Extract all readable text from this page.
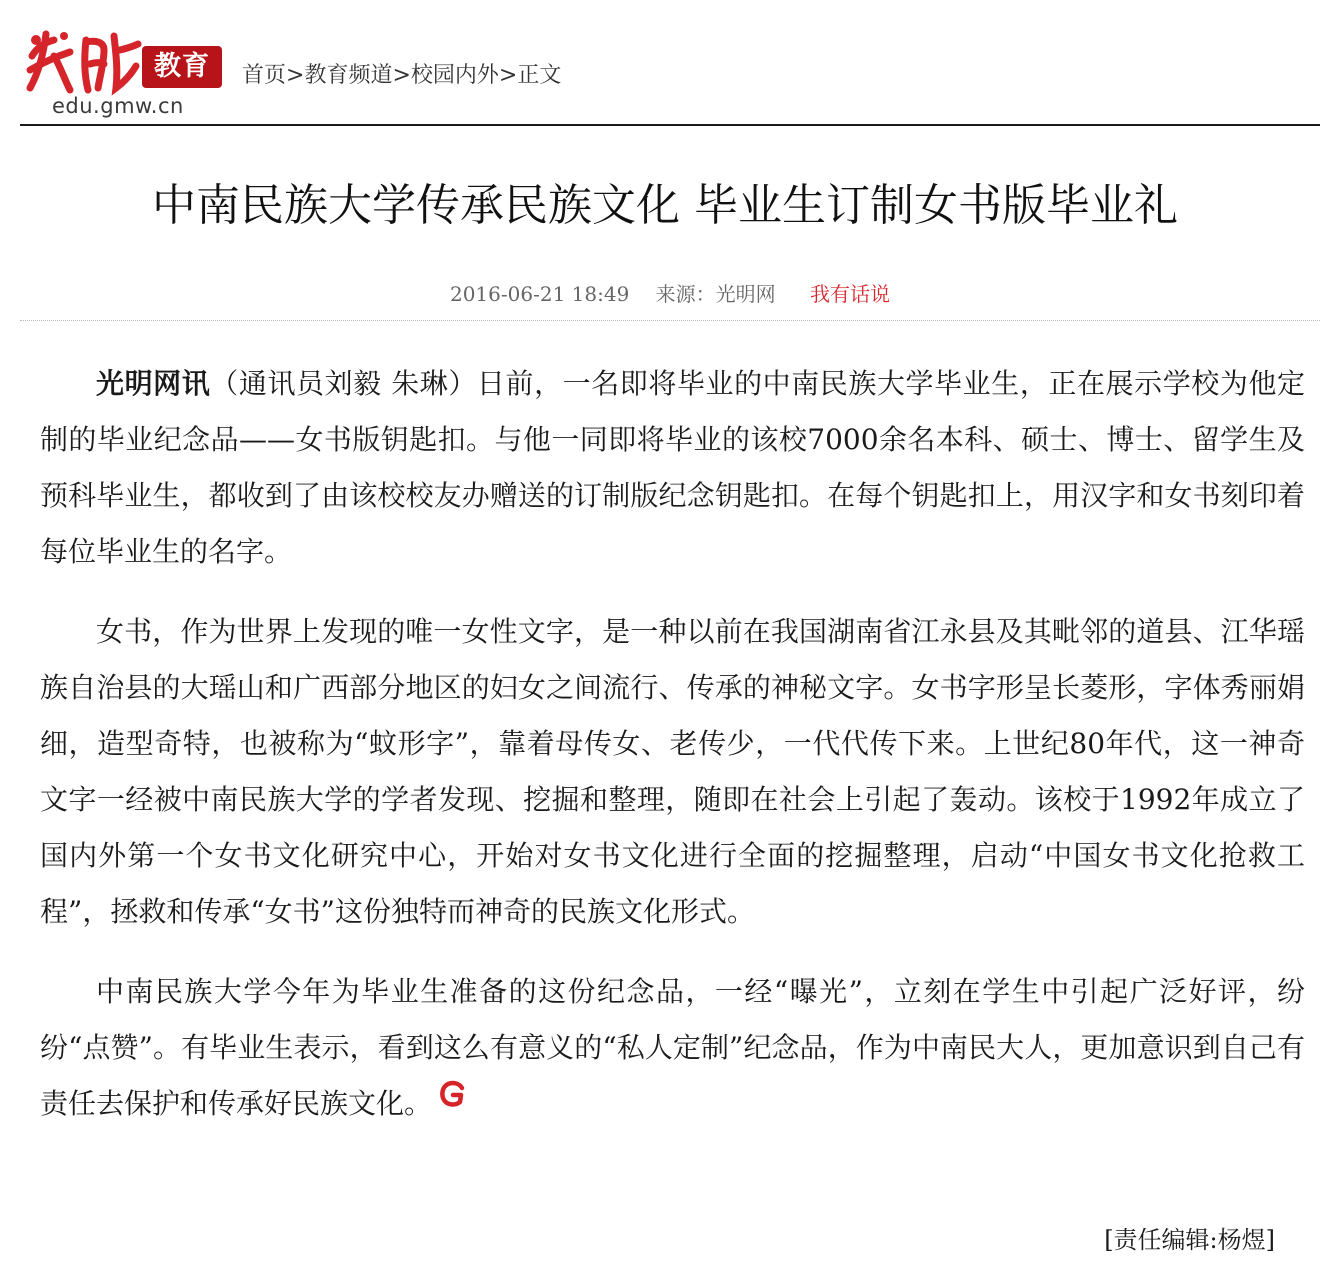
教育
edu.gmw.cn
首页>教育频道>校园内外>正文
中南民族大学传承民族文化 毕业生订制女书版毕业礼
2016-06-21 18:49 来源：光明网 我有话说

光明网讯（通讯员刘毅 朱琳）日前，一名即将毕业的中南民族大学毕业生，正在展示学校为他定制的毕业纪念品——女书版钥匙扣。与他一同即将毕业的该校7000余名本科、硕士、博士、留学生及预科毕业生，都收到了由该校校友办赠送的订制版纪念钥匙扣。在每个钥匙扣上，用汉字和女书刻印着每位毕业生的名字。

女书，作为世界上发现的唯一女性文字，是一种以前在我国湖南省江永县及其毗邻的道县、江华瑶族自治县的大瑶山和广西部分地区的妇女之间流行、传承的神秘文字。女书字形呈长菱形，字体秀丽娟细，造型奇特，也被称为“蚊形字”，靠着母传女、老传少，一代代传下来。上世纪80年代，这一神奇文字一经被中南民族大学的学者发现、挖掘和整理，随即在社会上引起了轰动。该校于1992年成立了国内外第一个女书文化研究中心，开始对女书文化进行全面的挖掘整理，启动“中国女书文化抢救工程”，拯救和传承“女书”这份独特而神奇的民族文化形式。

中南民族大学今年为毕业生准备的这份纪念品，一经“曝光”，立刻在学生中引起广泛好评，纷纷“点赞”。有毕业生表示，看到这么有意义的“私人定制”纪念品，作为中南民大人，更加意识到自己有责任去保护和传承好民族文化。

[责任编辑:杨煜]
